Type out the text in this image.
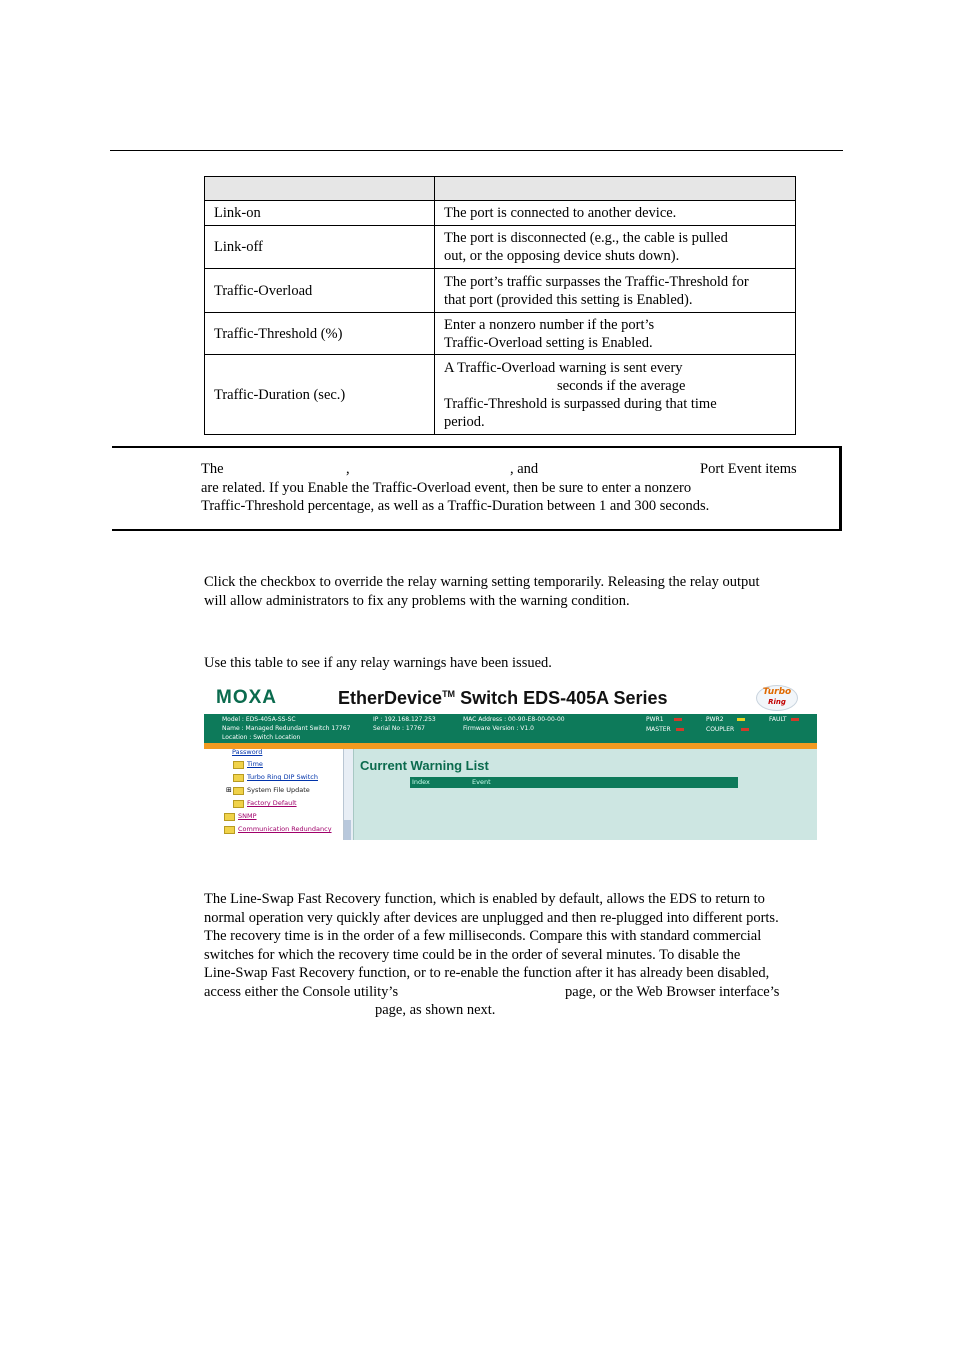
Link-on	The port is connected to another device.

Link-off	The port is disconnected (e.g., the cable is pulled
out, or the opposing device shuts down).

Traffic-Overload	The port’s traffic surpasses the Traffic-Threshold for
that port (provided this setting is Enabled).

Traffic-Threshold (%)	Enter a nonzero number if the port’s
Traffic-Overload setting is Enabled.

Traffic-Duration (sec.)	A Traffic-Overload warning is sent every
seconds if the average
Traffic-Threshold is surpassed during that time
period.
The	,	, and	Port Event items
are related. If you Enable the Traffic-Overload event, then be sure to enter a nonzero
Traffic-Threshold percentage, as well as a Traffic-Duration between 1 and 300 seconds.
Click the checkbox to override the relay warning setting temporarily. Releasing the relay output
will allow administrators to fix any problems with the warning condition.
Use this table to see if any relay warnings have been issued.
MOXA	EtherDevice™ Switch EDS-405A Series	Turbo
Ring
Model : EDS-405A-SS-SC
Name : Managed Redundant Switch 17767
Location : Switch Location
IP : 192.168.127.253
Serial No : 17767
MAC Address : 00-90-E8-00-00-00
Firmware Version : V1.0
PWR1	PWR2	FAULT
MASTER	COUPLER
Password
Time
Turbo Ring DIP Switch
⊞ System File Update
Factory Default
SNMP
Communication Redundancy
Current Warning List
Index	Event
The Line-Swap Fast Recovery function, which is enabled by default, allows the EDS to return to
normal operation very quickly after devices are unplugged and then re-plugged into different ports.
The recovery time is in the order of a few milliseconds. Compare this with standard commercial
switches for which the recovery time could be in the order of several minutes. To disable the
Line-Swap Fast Recovery function, or to re-enable the function after it has already been disabled,
access either the Console utility’s	page, or the Web Browser interface’s
page, as shown next.
